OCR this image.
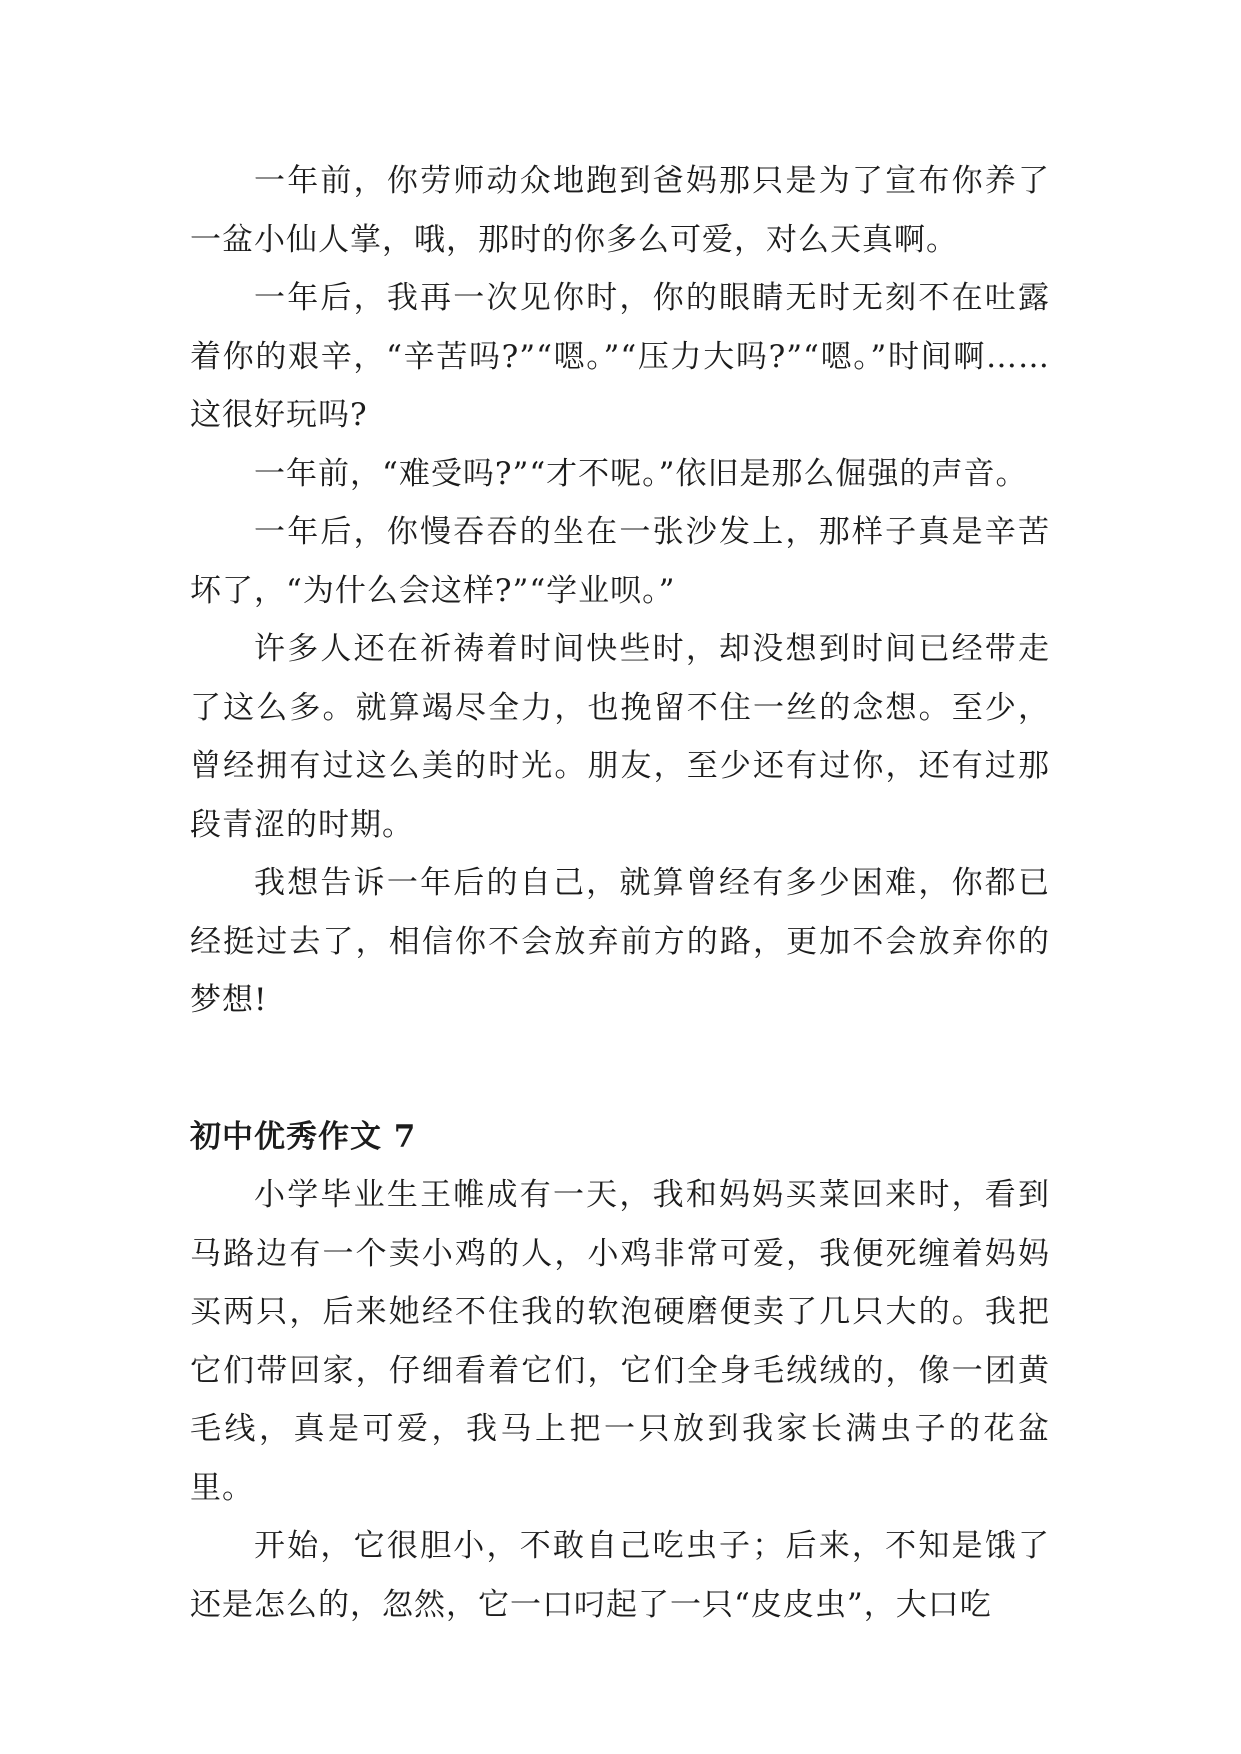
一年前，你劳师动众地跑到爸妈那只是为了宣布你养了一盆小仙人掌，哦，那时的你多么可爱，对么天真啊。

一年后，我再一次见你时，你的眼睛无时无刻不在吐露着你的艰辛，“辛苦吗?”“嗯。”“压力大吗?”“嗯。”时间啊……这很好玩吗?

一年前，“难受吗?”“才不呢。”依旧是那么倔强的声音。

一年后，你慢吞吞的坐在一张沙发上，那样子真是辛苦坏了，“为什么会这样?”“学业呗。”

许多人还在祈祷着时间快些时，却没想到时间已经带走了这么多。就算竭尽全力，也挽留不住一丝的念想。至少，曾经拥有过这么美的时光。朋友，至少还有过你，还有过那段青涩的时期。

我想告诉一年后的自己，就算曾经有多少困难，你都已经挺过去了，相信你不会放弃前方的路，更加不会放弃你的梦想!

初中优秀作文 7

小学毕业生王帷成有一天，我和妈妈买菜回来时，看到马路边有一个卖小鸡的人，小鸡非常可爱，我便死缠着妈妈买两只，后来她经不住我的软泡硬磨便卖了几只大的。我把它们带回家，仔细看着它们，它们全身毛绒绒的，像一团黄毛线，真是可爱，我马上把一只放到我家长满虫子的花盆里。

开始，它很胆小，不敢自己吃虫子；后来，不知是饿了还是怎么的，忽然，它一口叼起了一只“皮皮虫”，大口吃
